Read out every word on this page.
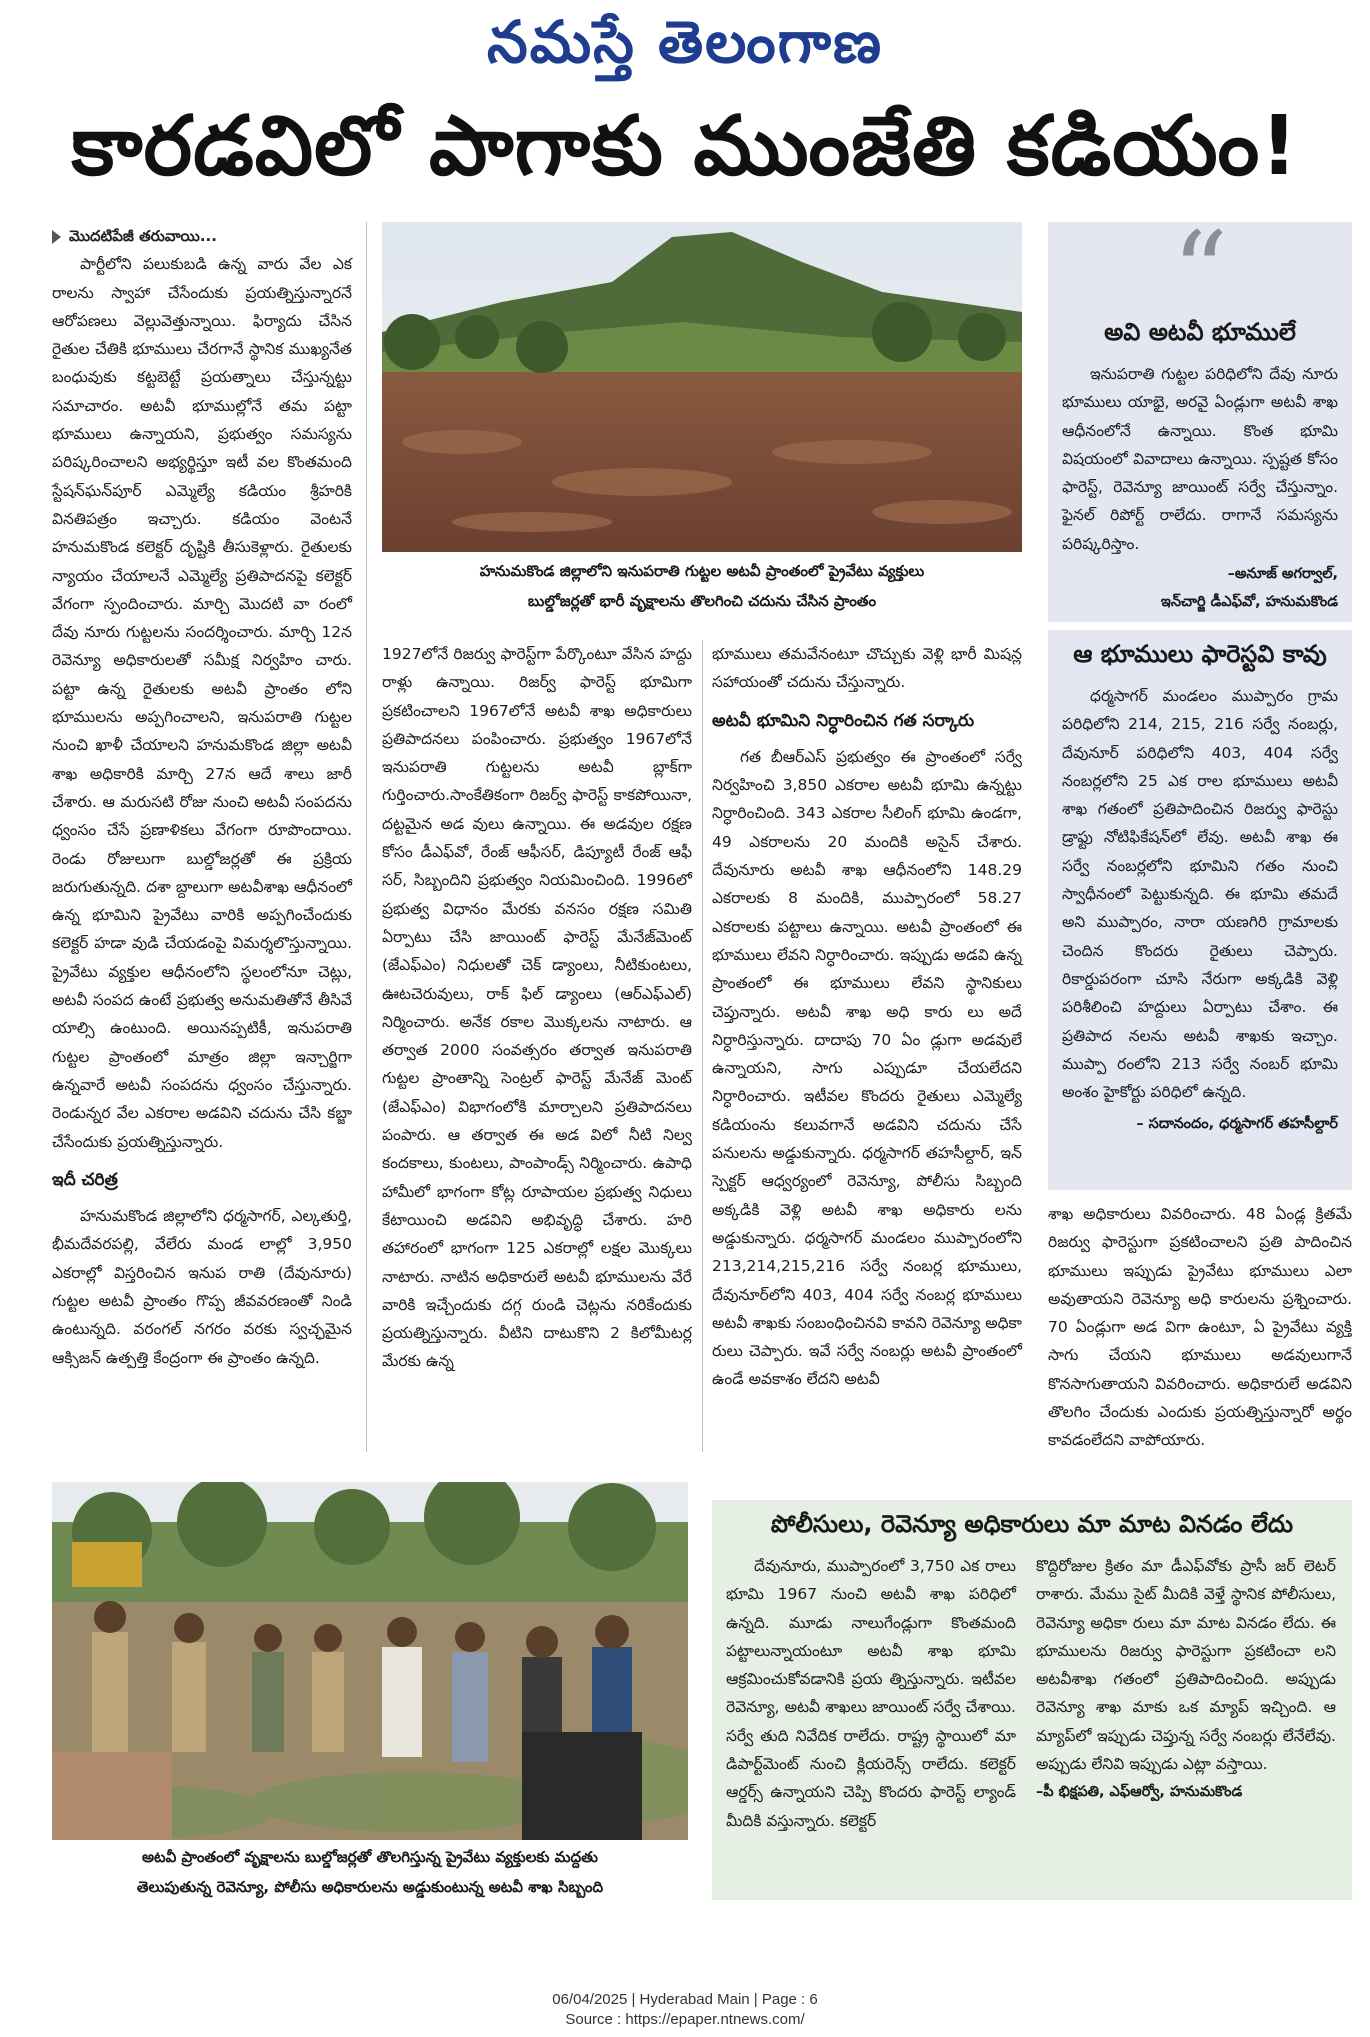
నమస్తే తెలంగాణ
కారడవిలో పాగాకు ముంజేతి కడియం!
మొదటిపేజీ తరువాయి...

పార్టీలోని పలుకుబడి ఉన్న వారు వేల ఎక రాలను స్వాహా చేసేందుకు ప్రయత్నిస్తున్నారనే ఆరోపణలు వెల్లువెత్తున్నాయి. ఫిర్యాదు చేసిన రైతుల చేతికి భూములు చేరగానే స్థానిక ముఖ్యనేత బంధువుకు కట్టబెట్టే ప్రయత్నాలు చేస్తున్నట్టు సమాచారం. అటవీ భూముల్లోనే తమ పట్టా భూములు ఉన్నాయని, ప్రభుత్వం సమస్యను పరిష్కరించాలని అభ్యర్థిస్తూ ఇటీ వల కొంతమంది స్టేషన్‌ఘన్‌పూర్ ఎమ్మెల్యే కడియం శ్రీహరికి వినతిపత్రం ఇచ్చారు. కడియం వెంటనే హనుమకొండ కలెక్టర్ దృష్టికి తీసుకెళ్లారు. రైతులకు న్యాయం చేయాలనే ఎమ్మెల్యే ప్రతిపాదనపై కలెక్టర్ వేగంగా స్పందించారు. మార్చి మొదటి వా రంలో దేవు నూరు గుట్టలను సందర్శించారు. మార్చి 12న రెవెన్యూ అధికారులతో సమీక్ష నిర్వహిం చారు. పట్టా ఉన్న రైతులకు అటవీ ప్రాంతం లోని భూములను అప్పగించాలని, ఇనుపరాతి గుట్టల నుంచి ఖాళీ చేయాలని హనుమకొండ జిల్లా అటవీ శాఖ అధికారికి మార్చి 27న ఆదే శాలు జారీ చేశారు. ఆ మరుసటి రోజు నుంచి అటవీ సంపదను ధ్వంసం చేసే ప్రణాళికలు వేగంగా రూపొందాయి. రెండు రోజులుగా బుల్డోజర్లతో ఈ ప్రక్రియ జరుగుతున్నది. దశా బ్దాలుగా అటవీశాఖ ఆధీనంలో ఉన్న భూమిని ప్రైవేటు వారికి అప్పగించేందుకు కలెక్టర్ హడా వుడి చేయడంపై విమర్శలొస్తున్నాయి. ప్రైవేటు వ్యక్తుల ఆధీనంలోని స్థలంలోనూ చెట్లు, అటవీ సంపద ఉంటే ప్రభుత్వ అనుమతితోనే తీసివే యాల్సి ఉంటుంది. అయినప్పటికీ, ఇనుపరాతి గుట్టల ప్రాంతంలో మాత్రం జిల్లా ఇన్చార్జిగా ఉన్నవారే అటవీ సంపదను ధ్వంసం చేస్తున్నారు. రెండున్నర వేల ఎకరాల అడవిని చదును చేసి కబ్జా చేసేందుకు ప్రయత్నిస్తున్నారు.

ఇదీ చరిత్ర

హనుమకొండ జిల్లాలోని ధర్మసాగర్, ఎల్కతుర్తి, భీమదేవరపల్లి, వేలేరు మండ లాల్లో 3,950 ఎకరాల్లో విస్తరించిన ఇనుప రాతి (దేవునూరు) గుట్టల అటవీ ప్రాంతం గొప్ప జీవవరణంతో నిండి ఉంటున్నది. వరంగల్ నగరం వరకు స్వచ్ఛమైన ఆక్సిజన్ ఉత్పత్తి కేంద్రంగా ఈ ప్రాంతం ఉన్నది.

హనుమకొండ జిల్లాలోని ఇనుపరాతి గుట్టల అటవీ ప్రాంతంలో ప్రైవేటు వ్యక్తులు
బుల్డోజర్లతో భారీ వృక్షాలను తొలగించి చదును చేసిన ప్రాంతం

1927లోనే రిజర్వు ఫారెస్ట్‌గా పేర్కొంటూ వేసిన హద్దు రాళ్లు ఉన్నాయి. రిజర్వ్ ఫారెస్ట్ భూమిగా ప్రకటించాలని 1967లోనే అటవీ శాఖ అధికారులు ప్రతిపాదనలు పంపించారు. ప్రభుత్వం 1967లోనే ఇనుపరాతి గుట్టలను అటవీ బ్లాక్‌గా గుర్తించారు.సాంకేతికంగా రిజర్వ్ ఫారెస్ట్ కాకపోయినా, దట్టమైన అడ వులు ఉన్నాయి. ఈ అడవుల రక్షణ కోసం డీఎఫ్‌వో, రేంజ్ ఆఫీసర్, డిప్యూటీ రేంజ్ ఆఫీ సర్, సిబ్బందిని ప్రభుత్వం నియమించింది. 1996లో ప్రభుత్వ విధానం మేరకు వనసం రక్షణ సమితి ఏర్పాటు చేసి జాయింట్ ఫారెస్ట్ మేనేజ్‌మెంట్ (జేఎఫ్‌ఎం) నిధులతో చెక్ డ్యాంలు, నీటికుంటలు, ఊటచెరువులు, రాక్ ఫిల్ డ్యాంలు (ఆర్‌ఎఫ్‌ఎల్) నిర్మించారు. అనేక రకాల మొక్కలను నాటారు. ఆ తర్వాత 2000 సంవత్సరం తర్వాత ఇనుపరాతి గుట్టల ప్రాంతాన్ని సెంట్రల్ ఫారెస్ట్ మేనేజ్ మెంట్ (జేఎఫ్‌ఎం) విభాగంలోకి మార్చాలని ప్రతిపాదనలు పంపారు. ఆ తర్వాత ఈ అడ విలో నీటి నిల్వ కందకాలు, కుంటలు, పాంపాండ్స్ నిర్మించారు. ఉపాధి హామీలో భాగంగా కోట్ల రూపాయల ప్రభుత్వ నిధులు కేటాయించి అడవిని అభివృద్ధి చేశారు. హరి తహారంలో భాగంగా 125 ఎకరాల్లో లక్షల మొక్కలు నాటారు. నాటిన అధికారులే అటవీ భూములను వేరే వారికి ఇచ్చేందుకు దగ్గ రుండి చెట్లను నరికేందుకు ప్రయత్నిస్తున్నారు. వీటిని దాటుకొని 2 కిలోమీటర్ల మేరకు ఉన్న

భూములు తమవేనంటూ చొచ్చుకు వెళ్లి భారీ మిషన్ల సహాయంతో చదును చేస్తున్నారు.

అటవీ భూమిని నిర్ధారించిన గత సర్కారు

గత బీఆర్‌ఎస్ ప్రభుత్వం ఈ ప్రాంతంలో సర్వే నిర్వహించి 3,850 ఎకరాల అటవీ భూమి ఉన్నట్టు నిర్ధారించింది. 343 ఎకరాల సీలింగ్ భూమి ఉండగా, 49 ఎకరాలను 20 మందికి అసైన్ చేశారు. దేవునూరు అటవీ శాఖ ఆధీనంలోని 148.29 ఎకరాలకు 8 మందికి, ముప్పారంలో 58.27 ఎకరాలకు పట్టాలు ఉన్నాయి. అటవీ ప్రాంతంలో ఈ భూములు లేవని నిర్ధారించారు. ఇప్పుడు అడవి ఉన్న ప్రాంతంలో ఈ భూములు లేవని స్థానికులు చెప్తున్నారు. అటవీ శాఖ అధి కారు లు అదే నిర్ధారిస్తున్నారు. దాదాపు 70 ఏం డ్లుగా అడవులే ఉన్నాయని, సాగు ఎప్పుడూ చేయలేదని నిర్ధారించారు. ఇటీవల కొందరు రైతులు ఎమ్మెల్యే కడియంను కలువగానే అడవిని చదును చేసే పనులను అడ్డుకున్నారు. ధర్మసాగర్ తహసీల్దార్, ఇన్ స్పెక్టర్ ఆధ్వర్యంలో రెవెన్యూ, పోలీసు సిబ్బంది అక్కడికి వెళ్లి అటవీ శాఖ అధికారు లను అడ్డుకున్నారు. ధర్మసాగర్ మండలం ముప్పారంలోని 213,214,215,216 సర్వే నంబర్ల భూములు, దేవునూర్‌లోని 403, 404 సర్వే నంబర్ల భూములు అటవీ శాఖకు సంబంధించినవి కావని రెవెన్యూ అధికా రులు చెప్పారు. ఇవే సర్వే నంబర్లు అటవీ ప్రాంతంలో ఉండే అవకాశం లేదని అటవీ

“
అవి అటవీ భూములే

ఇనుపరాతి గుట్టల పరిధిలోని దేవు నూరు భూములు యాభై, అరవై ఏండ్లుగా అటవీ శాఖ ఆధీనంలోనే ఉన్నాయి. కొంత భూమి విషయంలో వివాదాలు ఉన్నాయి. స్పష్టత కోసం ఫారెస్ట్, రెవెన్యూ జాయింట్ సర్వే చేస్తున్నాం. ఫైనల్ రిపోర్ట్ రాలేదు. రాగానే సమస్యను పరిష్కరిస్తాం.

–అనూజ్ అగర్వాల్,
ఇన్‌చార్జి డీఎఫ్‌వో, హనుమకొండ
ఆ భూములు ఫారెస్టవి కావు

ధర్మసాగర్ మండలం ముప్పారం గ్రామ పరిధిలోని 214, 215, 216 సర్వే నంబర్లు, దేవునూర్ పరిధిలోని 403, 404 సర్వే నంబర్లలోని 25 ఎక రాల భూములు అటవీ శాఖ గతంలో ప్రతిపాదించిన రిజర్వు ఫారెస్టు డ్రాఫ్టు నోటిఫికేషన్‌లో లేవు. అటవీ శాఖ ఈ సర్వే నంబర్లలోని భూమిని గతం నుంచి స్వాధీనంలో పెట్టుకున్నది. ఈ భూమి తమదే అని ముప్పారం, నారా యణగిరి గ్రామాలకు చెందిన కొందరు రైతులు చెప్పారు. రికార్డుపరంగా చూసి నేరుగా అక్కడికి వెళ్లి పరిశీలించి హద్దులు ఏర్పాటు చేశాం. ఈ ప్రతిపాద నలను అటవీ శాఖకు ఇచ్చాం. ముప్పా రంలోని 213 సర్వే నంబర్ భూమి అంశం హైకోర్టు పరిధిలో ఉన్నది.

– సదానందం, ధర్మసాగర్ తహసీల్దార్

శాఖ అధికారులు వివరించారు. 48 ఏండ్ల క్రితమే రిజర్వు ఫారెస్టుగా ప్రకటించాలని ప్రతి పాదించిన భూములు ఇప్పుడు ప్రైవేటు భూములు ఎలా అవుతాయని రెవెన్యూ అధి కారులను ప్రశ్నించారు. 70 ఏండ్లుగా అడ విగా ఉంటూ, ఏ ప్రైవేటు వ్యక్తి సాగు చేయని భూములు అడవులుగానే కొనసాగుతాయని వివరించారు. అధికారులే అడవిని తొలగిం చేందుకు ఎందుకు ప్రయత్నిస్తున్నారో అర్థం కావడంలేదని వాపోయారు.

అటవీ ప్రాంతంలో వృక్షాలను బుల్డోజర్లతో తొలగిస్తున్న ప్రైవేటు వ్యక్తులకు మద్దతు
తెలుపుతున్న రెవెన్యూ, పోలీసు అధికారులను అడ్డుకుంటున్న అటవీ శాఖ సిబ్బంది
పోలీసులు, రెవెన్యూ అధికారులు మా మాట వినడం లేదు

దేవునూరు, ముప్పారంలో 3,750 ఎక రాలు భూమి 1967 నుంచి అటవీ శాఖ పరిధిలో ఉన్నది. మూడు నాలుగేండ్లుగా కొంతమంది పట్టాలున్నాయంటూ అటవీ శాఖ భూమి ఆక్రమించుకోవడానికి ప్రయ త్నిస్తున్నారు. ఇటీవల రెవెన్యూ, అటవీ శాఖలు జాయింట్ సర్వే చేశాయి. సర్వే తుది నివేదిక రాలేదు. రాష్ట్ర స్థాయిలో మా డిపార్ట్‌మెంట్ నుంచి క్లియరెన్స్ రాలేదు. కలెక్టర్ ఆర్డర్స్ ఉన్నాయని చెప్పి కొందరు ఫారెస్ట్ ల్యాండ్ మీదికి వస్తున్నారు. కలెక్టర్

కొద్దిరోజుల క్రితం మా డీఎఫ్‌వోకు ప్రాసీ జర్ లెటర్ రాశారు. మేము సైట్ మీదికి వెళ్తే స్థానిక పోలీసులు, రెవెన్యూ అధికా రులు మా మాట వినడం లేదు. ఈ భూములను రిజర్వు ఫారెస్టుగా ప్రకటించా లని అటవీశాఖ గతంలో ప్రతిపాదించింది. అప్పుడు రెవెన్యూ శాఖ మాకు ఒక మ్యాప్ ఇచ్చింది. ఆ మ్యాప్‌లో ఇప్పుడు చెప్తున్న సర్వే నంబర్లు లేనేలేవు. అప్పుడు లేనివి ఇప్పుడు ఎట్లా వస్తాయి.

–పీ భిక్షపతి, ఎఫ్‌ఆర్వో, హనుమకొండ
06/04/2025 | Hyderabad Main | Page : 6
Source : https://epaper.ntnews.com/
